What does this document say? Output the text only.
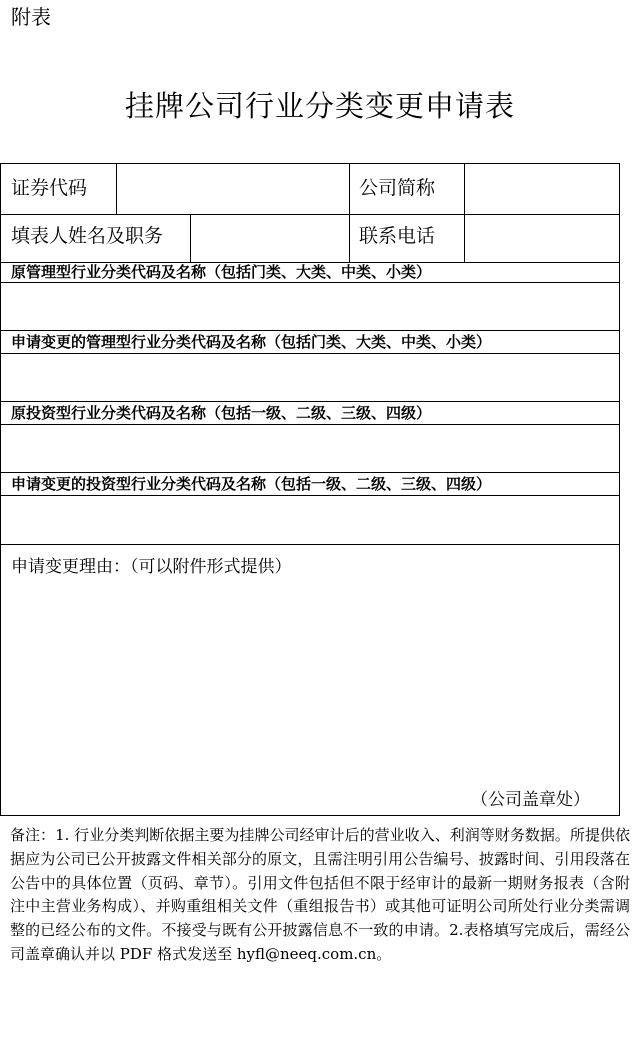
附表
挂牌公司行业分类变更申请表
证券代码	公司简称
填表人姓名及职务	联系电话
原管理型行业分类代码及名称（包括门类、大类、中类、小类）
申请变更的管理型行业分类代码及名称（包括门类、大类、中类、小类）
原投资型行业分类代码及名称（包括一级、二级、三级、四级）
申请变更的投资型行业分类代码及名称（包括一级、二级、三级、四级）
申请变更理由：（可以附件形式提供）
（公司盖章处）
备注：1. 行业分类判断依据主要为挂牌公司经审计后的营业收入、利润等财务数据。所提供依据应为公司已公开披露文件相关部分的原文，且需注明引用公告编号、披露时间、引用段落在公告中的具体位置（页码、章节）。引用文件包括但不限于经审计的最新一期财务报表（含附注中主营业务构成）、并购重组相关文件（重组报告书）或其他可证明公司所处行业分类需调整的已经公布的文件。不接受与既有公开披露信息不一致的申请。2.表格填写完成后，需经公司盖章确认并以 PDF 格式发送至 hyfl@neeq.com.cn。
